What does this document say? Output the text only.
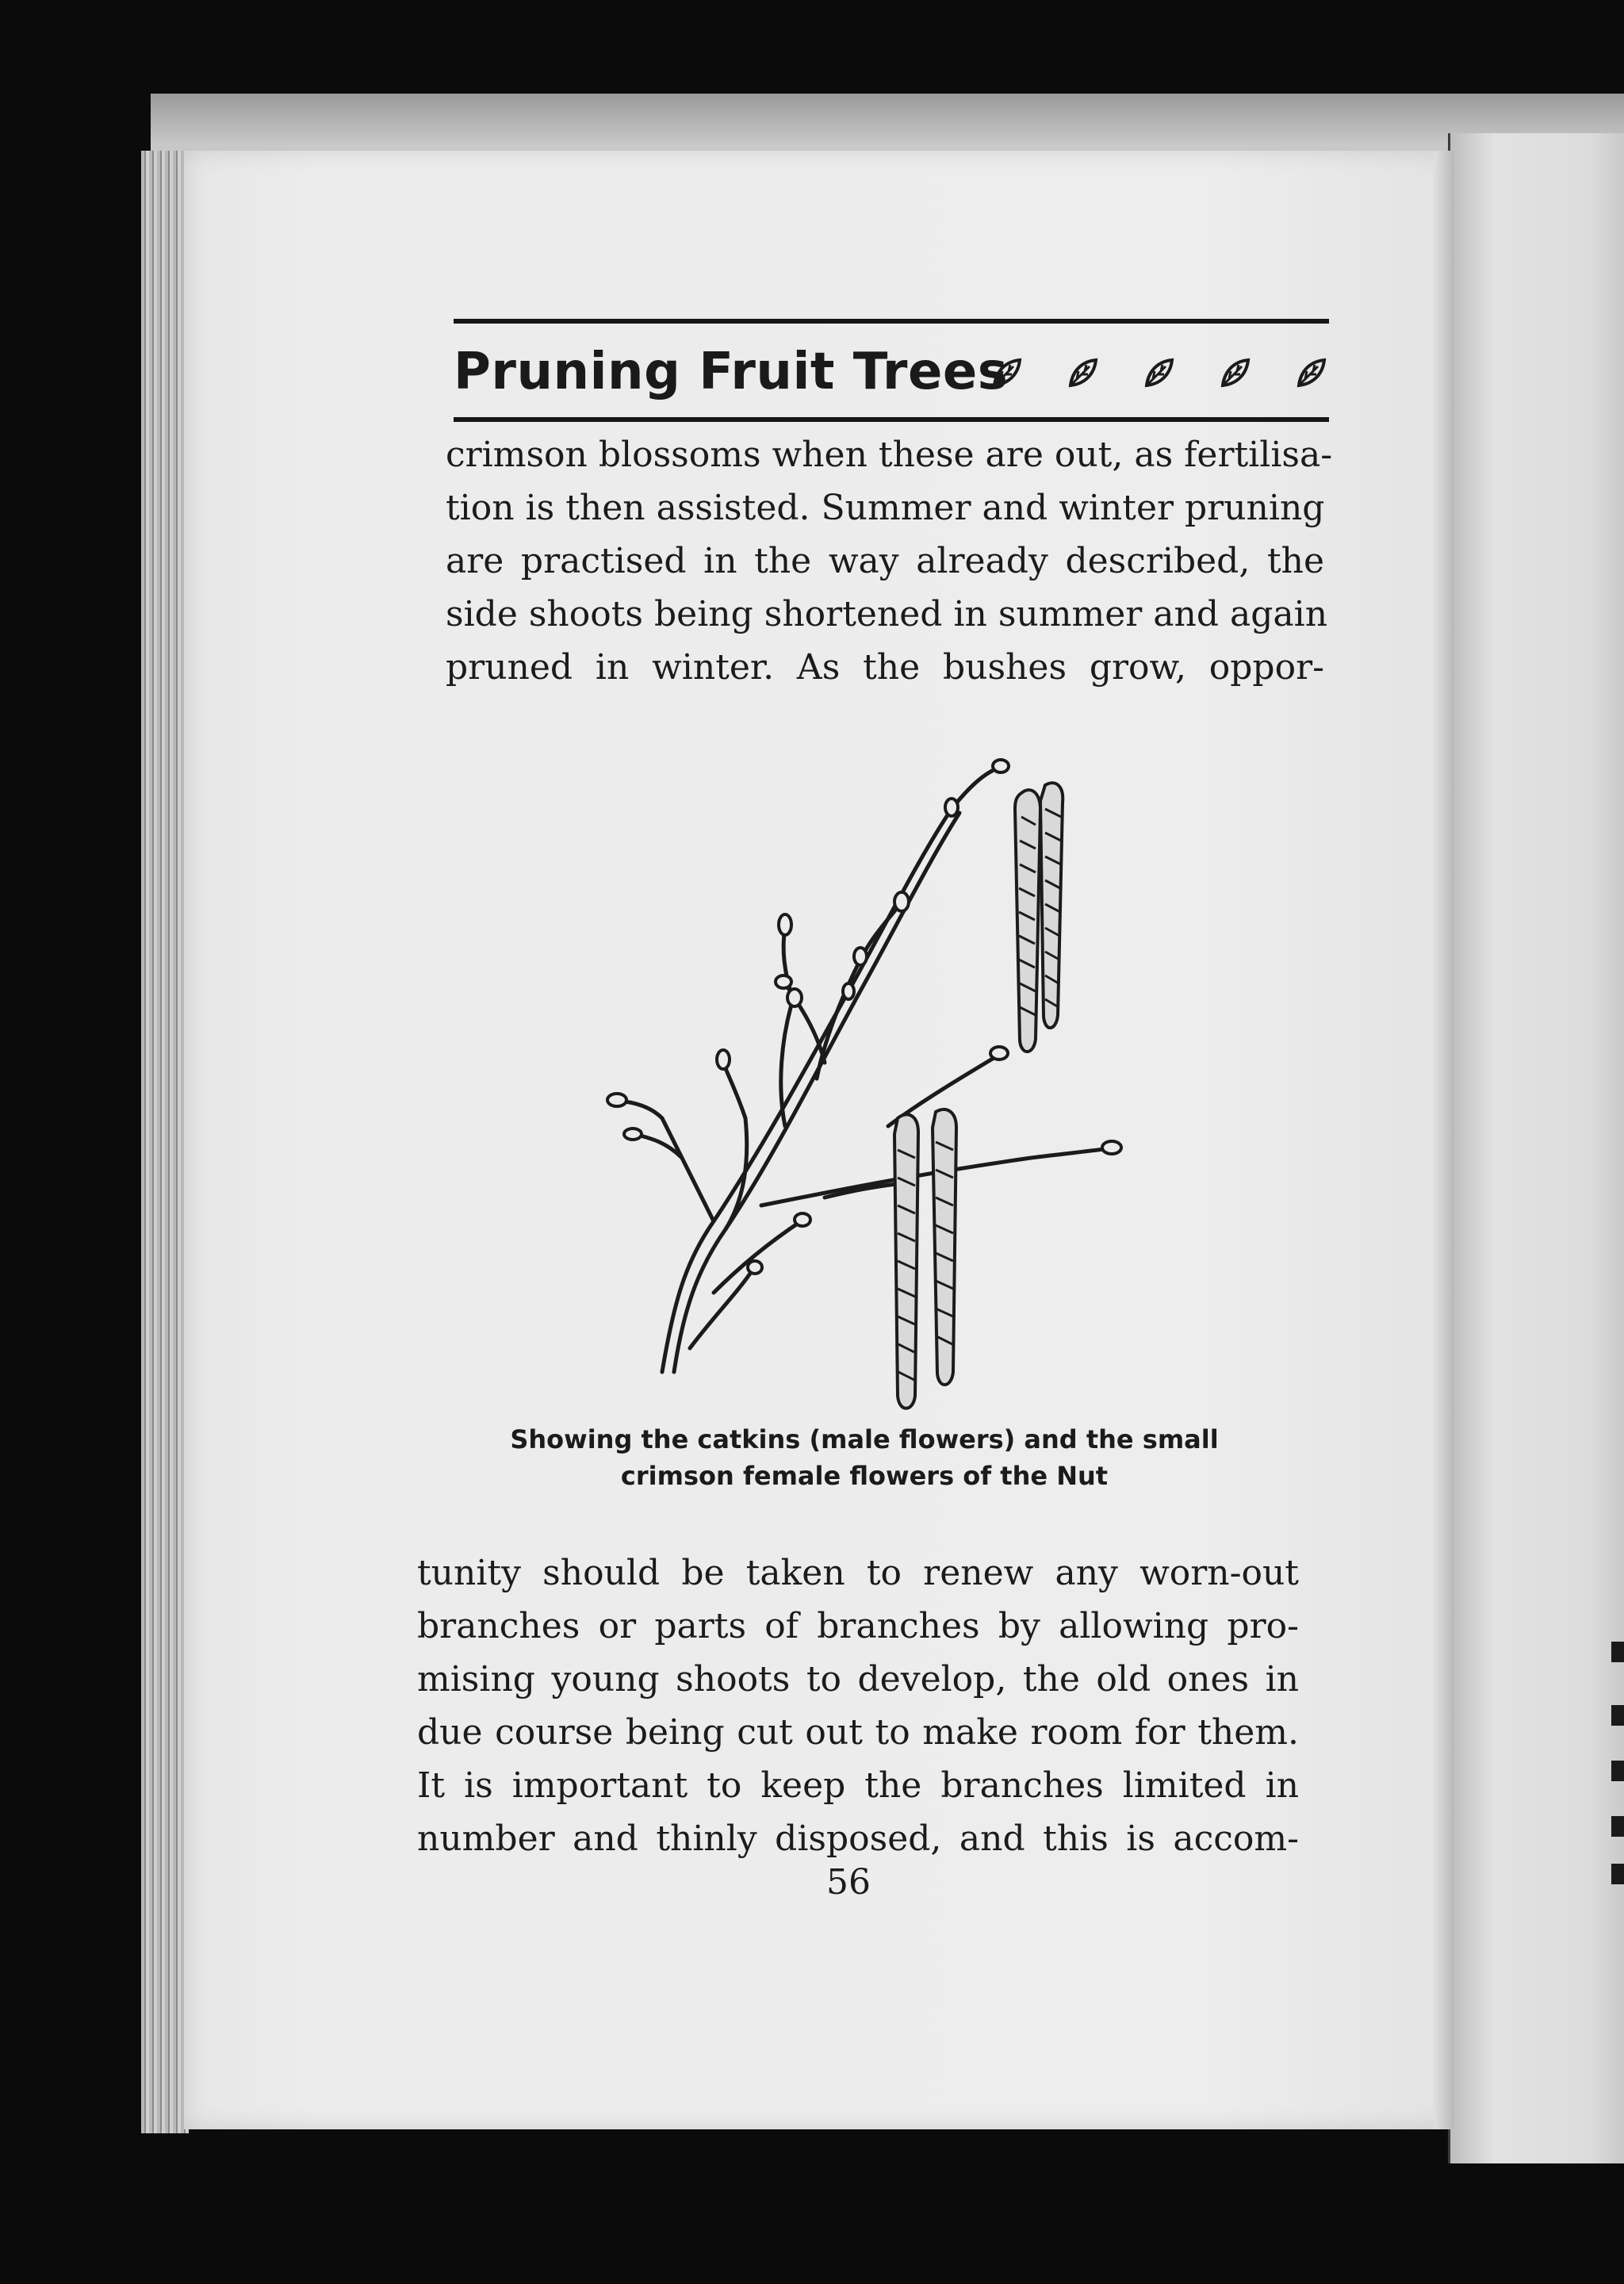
Pruning Fruit Trees
crimson blossoms when these are out, as fertilisa-
tion is then assisted. Summer and winter pruning
are practised in the way already described, the
side shoots being shortened in summer and again
pruned in winter. As the bushes grow, oppor-
Showing the catkins (male flowers) and the small
crimson female flowers of the Nut
tunity should be taken to renew any worn-out
branches or parts of branches by allowing pro-
mising young shoots to develop, the old ones in
due course being cut out to make room for them.
It is important to keep the branches limited in
number and thinly disposed, and this is accom-
56
